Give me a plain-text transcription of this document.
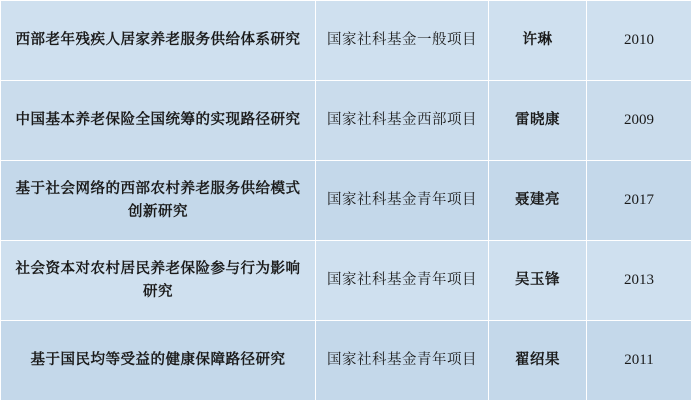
西部老年残疾人居家养老服务供给体系研究	国家社科基金一般项目	许琳	2010

中国基本养老保险全国统筹的实现路径研究	国家社科基金西部项目	雷晓康	2009

基于社会网络的西部农村养老服务供给模式创新研究	国家社科基金青年项目	聂建亮	2017

社会资本对农村居民养老保险参与行为影响研究	国家社科基金青年项目	吴玉锋	2013

基于国民均等受益的健康保障路径研究	国家社科基金青年项目	翟绍果	2011
